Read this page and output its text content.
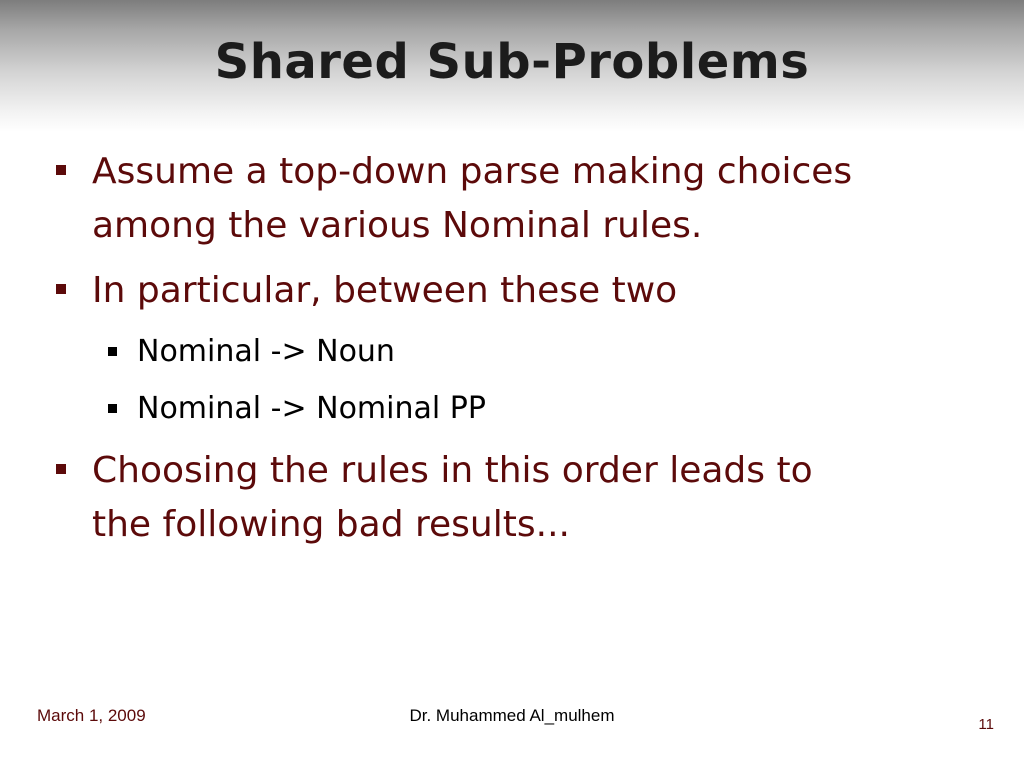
Shared Sub-Problems
Assume a top-down parse making choices
among the various Nominal rules.
In particular, between these two
Nominal -> Noun
Nominal -> Nominal PP
Choosing the rules in this order leads to
the following bad results...
March 1, 2009	Dr. Muhammed Al_mulhem	11
